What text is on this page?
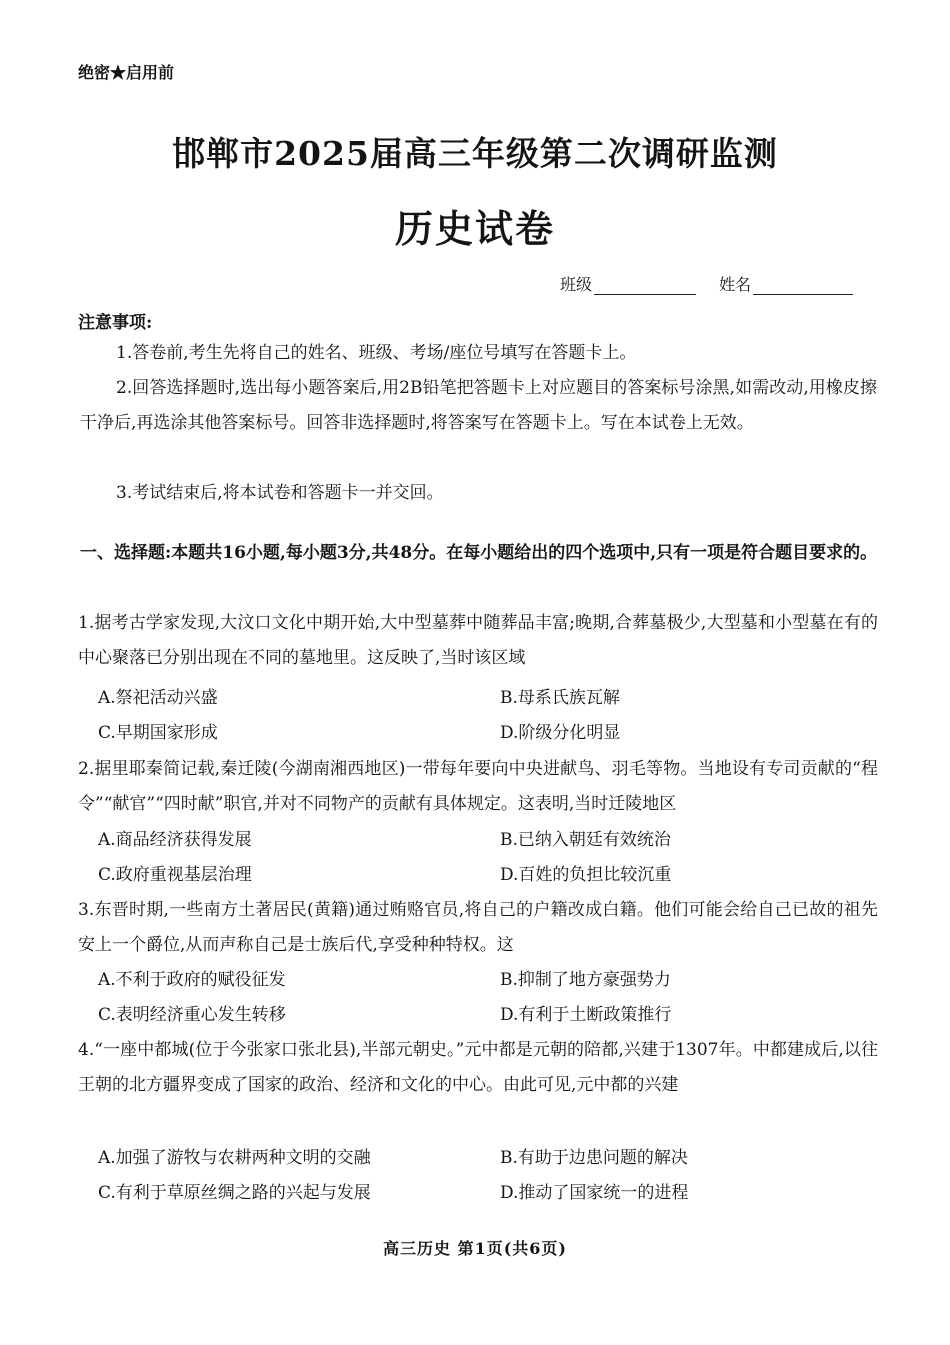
绝密★启用前
邯郸市2025届高三年级第二次调研监测
历史试卷
班级	姓名
注意事项:
1.答卷前,考生先将自己的姓名、班级、考场/座位号填写在答题卡上。
2.回答选择题时,选出每小题答案后,用2B铅笔把答题卡上对应题目的答案标号涂黑,如需改动,用橡皮擦干净后,再选涂其他答案标号。回答非选择题时,将答案写在答题卡上。写在本试卷上无效。
3.考试结束后,将本试卷和答题卡一并交回。
一、选择题:本题共16小题,每小题3分,共48分。在每小题给出的四个选项中,只有一项是符合题目要求的。
1.据考古学家发现,大汶口文化中期开始,大中型墓葬中随葬品丰富;晚期,合葬墓极少,大型墓和小型墓在有的中心聚落已分别出现在不同的墓地里。这反映了,当时该区域
A.祭祀活动兴盛	B.母系氏族瓦解
C.早期国家形成	D.阶级分化明显
2.据里耶秦简记载,秦迁陵(今湖南湘西地区)一带每年要向中央进献鸟、羽毛等物。当地设有专司贡献的“程令”“献官”“四时献”职官,并对不同物产的贡献有具体规定。这表明,当时迁陵地区
A.商品经济获得发展	B.已纳入朝廷有效统治
C.政府重视基层治理	D.百姓的负担比较沉重
3.东晋时期,一些南方土著居民(黄籍)通过贿赂官员,将自己的户籍改成白籍。他们可能会给自己已故的祖先安上一个爵位,从而声称自己是士族后代,享受种种特权。这
A.不利于政府的赋役征发	B.抑制了地方豪强势力
C.表明经济重心发生转移	D.有利于土断政策推行
4.“一座中都城(位于今张家口张北县),半部元朝史。”元中都是元朝的陪都,兴建于1307年。中都建成后,以往王朝的北方疆界变成了国家的政治、经济和文化的中心。由此可见,元中都的兴建
A.加强了游牧与农耕两种文明的交融	B.有助于边患问题的解决
C.有利于草原丝绸之路的兴起与发展	D.推动了国家统一的进程
高三历史 第1页(共6页)
